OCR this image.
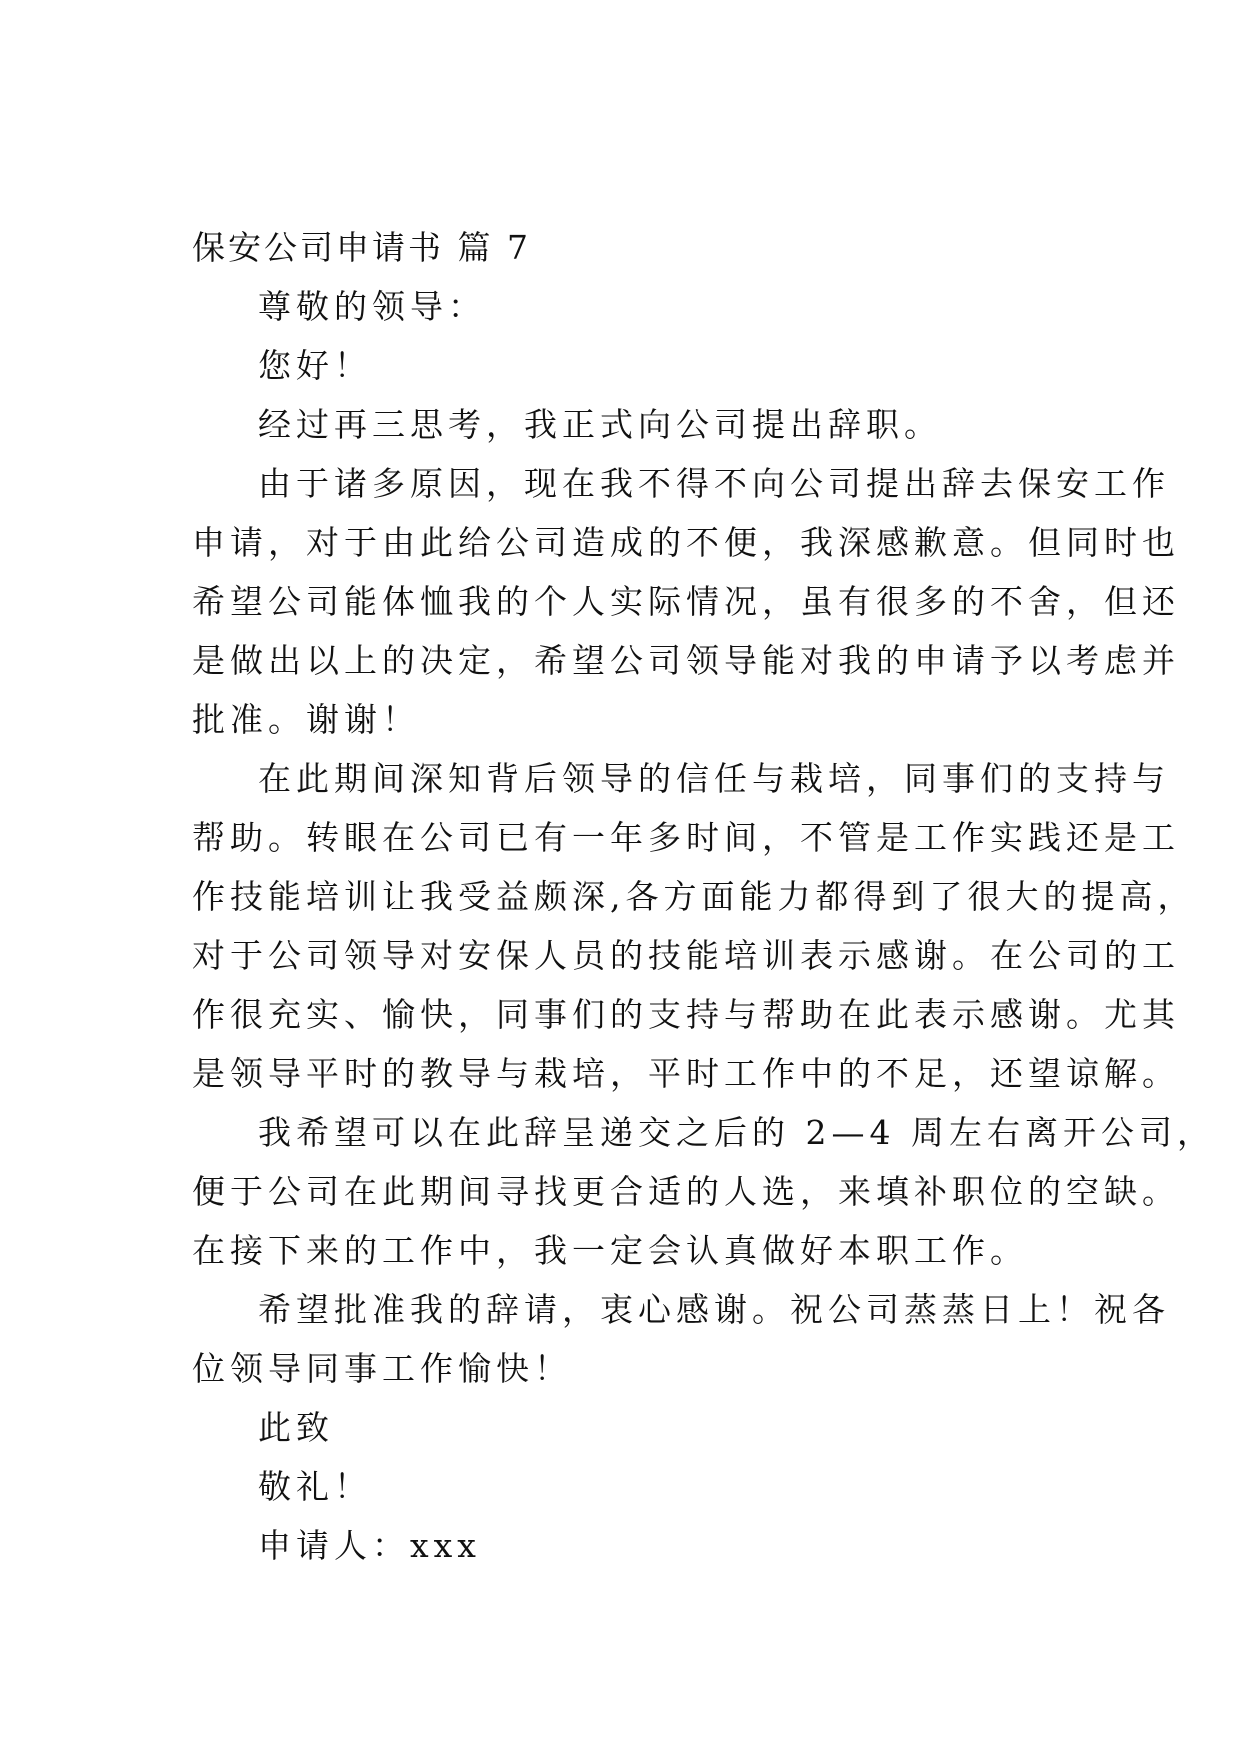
保安公司申请书 篇 7
尊敬的领导：
您好！
经过再三思考，我正式向公司提出辞职。
由于诸多原因，现在我不得不向公司提出辞去保安工作
申请，对于由此给公司造成的不便，我深感歉意。但同时也
希望公司能体恤我的个人实际情况，虽有很多的不舍，但还
是做出以上的决定，希望公司领导能对我的申请予以考虑并
批准。谢谢！
在此期间深知背后领导的信任与栽培，同事们的支持与
帮助。转眼在公司已有一年多时间，不管是工作实践还是工
作技能培训让我受益颇深,各方面能力都得到了很大的提高，
对于公司领导对安保人员的技能培训表示感谢。在公司的工
作很充实、愉快，同事们的支持与帮助在此表示感谢。尤其
是领导平时的教导与栽培，平时工作中的不足，还望谅解。
我希望可以在此辞呈递交之后的 2—4 周左右离开公司，
便于公司在此期间寻找更合适的人选，来填补职位的空缺。
在接下来的工作中，我一定会认真做好本职工作。
希望批准我的辞请，衷心感谢。祝公司蒸蒸日上！祝各
位领导同事工作愉快！
此致
敬礼！
申请人：xxx
